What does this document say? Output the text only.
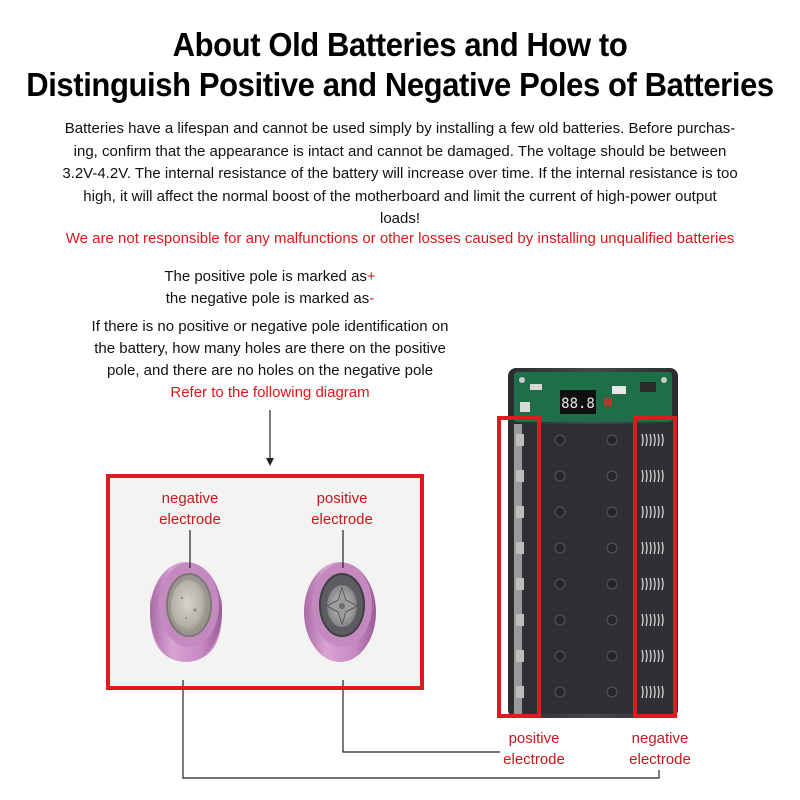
About Old Batteries and How to
Distinguish Positive and Negative Poles of Batteries
Batteries have a lifespan and cannot be used simply by installing a few old batteries. Before purchas-
ing, confirm that the appearance is intact and cannot be damaged. The voltage should be between
3.2V-4.2V. The internal resistance of the battery will increase over time. If the internal resistance is too
high, it will affect the normal boost of the motherboard and limit the current of high-power output
loads!
We are not responsible for any malfunctions or other losses caused by installing unqualified batteries
The positive pole is marked as+
the negative pole is marked as-
If there is no positive or negative pole identification on
the battery, how many holes are there on the positive
pole, and there are no holes on the negative pole
Refer to the following diagram
88.8
negative
electrode
positive
electrode
positive
electrode
negative
electrode
